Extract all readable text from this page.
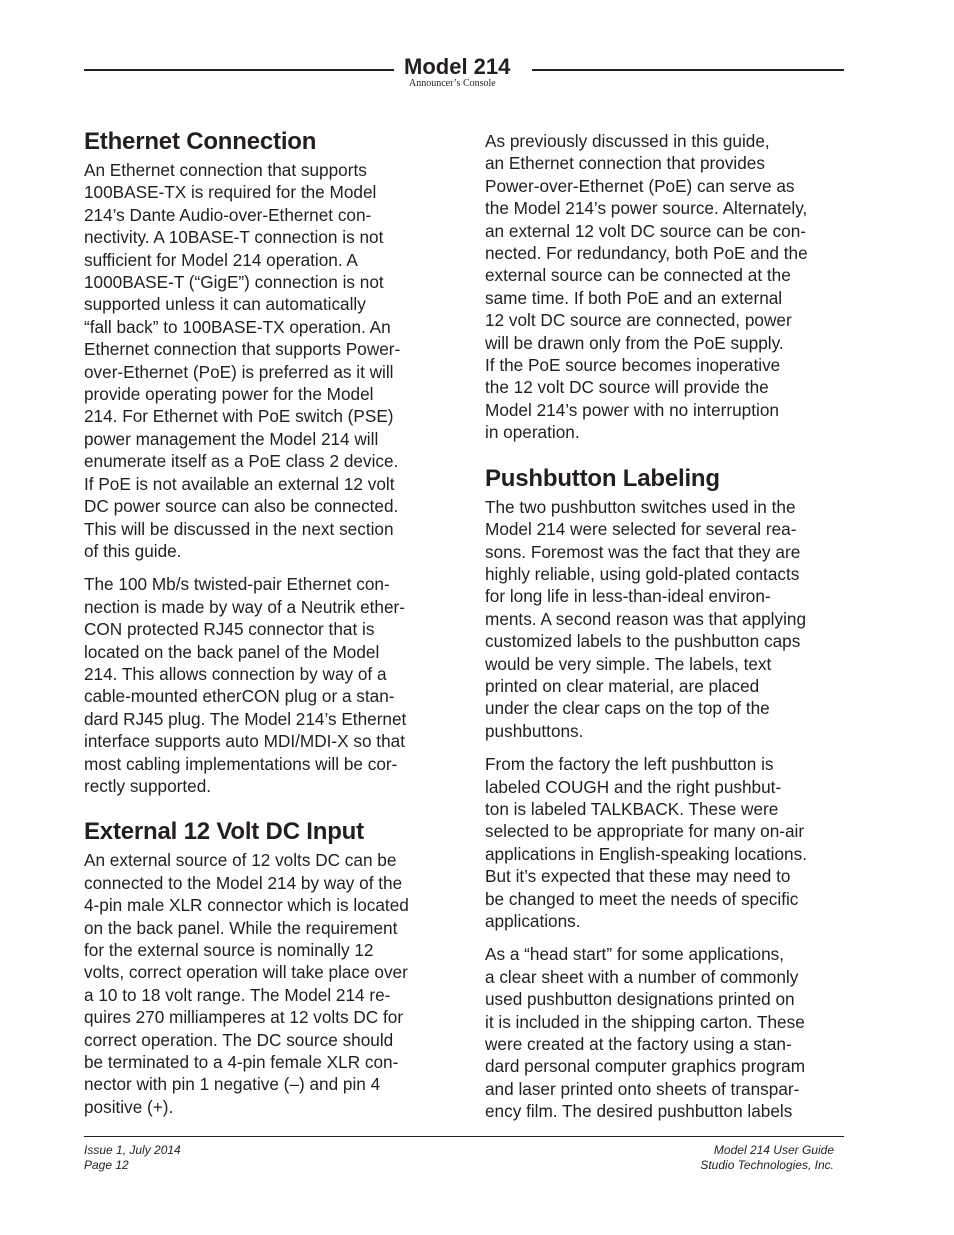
Model 214
Announcer’s Console
Ethernet Connection

An Ethernet connection that supports
100BASE-TX is required for the Model
214’s Dante Audio-over-Ethernet con-
nectivity. A 10BASE-T connection is not
sufficient for Model 214 operation. A
1000BASE-T (“GigE”) connection is not
supported unless it can automatically
“fall back” to 100BASE-TX operation. An
Ethernet connection that supports Power-
over-Ethernet (PoE) is preferred as it will
provide operating power for the Model
214. For Ethernet with PoE switch (PSE)
power management the Model 214 will
enumerate itself as a PoE class 2 device.
If PoE is not available an external 12 volt
DC power source can also be connected.
This will be discussed in the next section
of this guide.

The 100 Mb/s twisted-pair Ethernet con-
nection is made by way of a Neutrik ether-
CON protected RJ45 connector that is
located on the back panel of the Model
214. This allows connection by way of a
cable-mounted etherCON plug or a stan-
dard RJ45 plug. The Model 214’s Ethernet
interface supports auto MDI/MDI-X so that
most cabling implementations will be cor-
rectly supported.

External 12 Volt DC Input

An external source of 12 volts DC can be
connected to the Model 214 by way of the
4-pin male XLR connector which is located
on the back panel. While the requirement
for the external source is nominally 12
volts, correct operation will take place over
a 10 to 18 volt range. The Model 214 re-
quires 270 milliamperes at 12 volts DC for
correct operation. The DC source should
be terminated to a 4-pin female XLR con-
nector with pin 1 negative (–) and pin 4
positive (+).

As previously discussed in this guide,
an Ethernet connection that provides
Power-over-Ethernet (PoE) can serve as
the Model 214’s power source. Alternately,
an external 12 volt DC source can be con-
nected. For redundancy, both PoE and the
external source can be connected at the
same time. If both PoE and an external
12 volt DC source are connected, power
will be drawn only from the PoE supply.
If the PoE source becomes inoperative
the 12 volt DC source will provide the
Model 214’s power with no interruption
in operation.

Pushbutton Labeling

The two pushbutton switches used in the
Model 214 were selected for several rea-
sons. Foremost was the fact that they are
highly reliable, using gold-plated contacts
for long life in less-than-ideal environ-
ments. A second reason was that applying
customized labels to the pushbutton caps
would be very simple. The labels, text
printed on clear material, are placed
under the clear caps on the top of the
pushbuttons.

From the factory the left pushbutton is
labeled COUGH and the right pushbut-
ton is labeled TALKBACK. These were
selected to be appropriate for many on-air
applications in English-speaking locations.
But it’s expected that these may need to
be changed to meet the needs of specific
applications.

As a “head start” for some applications,
a clear sheet with a number of commonly
used pushbutton designations printed on
it is included in the shipping carton. These
were created at the factory using a stan-
dard personal computer graphics program
and laser printed onto sheets of transpar-
ency film. The desired pushbutton labels

Issue 1, July 2014
Page 12
Model 214 User Guide
Studio Technologies, Inc.
